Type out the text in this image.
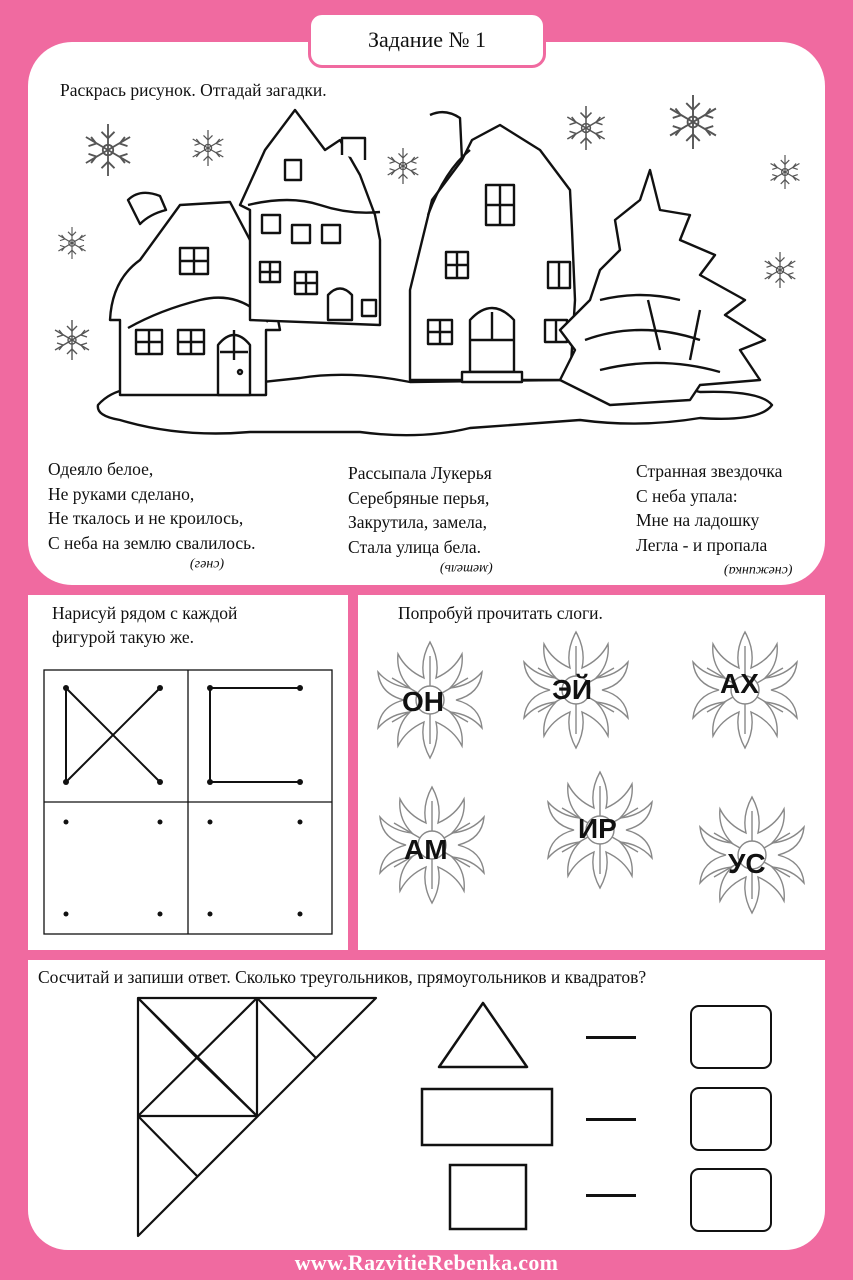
Задание № 1
Раскрась рисунок. Отгадай загадки.
Одеяло белое,
Не руками сделано,
Не ткалось и не кроилось,
С неба на землю свалилось.
(снег)
Рассыпала Лукерья
Серебряные перья,
Закрутила, замела,
Стала улица бела.
(метель)
Странная звездочка
С неба упала:
Мне на ладошку
Легла - и пропала
(снежинка)
Нарисуй рядом с каждой
фигурой такую же.
Попробуй прочитать слоги.
ОН	ЭЙ	АХ
АМ
ИР
УС
Сосчитай и запиши ответ. Сколько треугольников, прямоугольников и квадратов?
www.RazvitieRebenka.com
